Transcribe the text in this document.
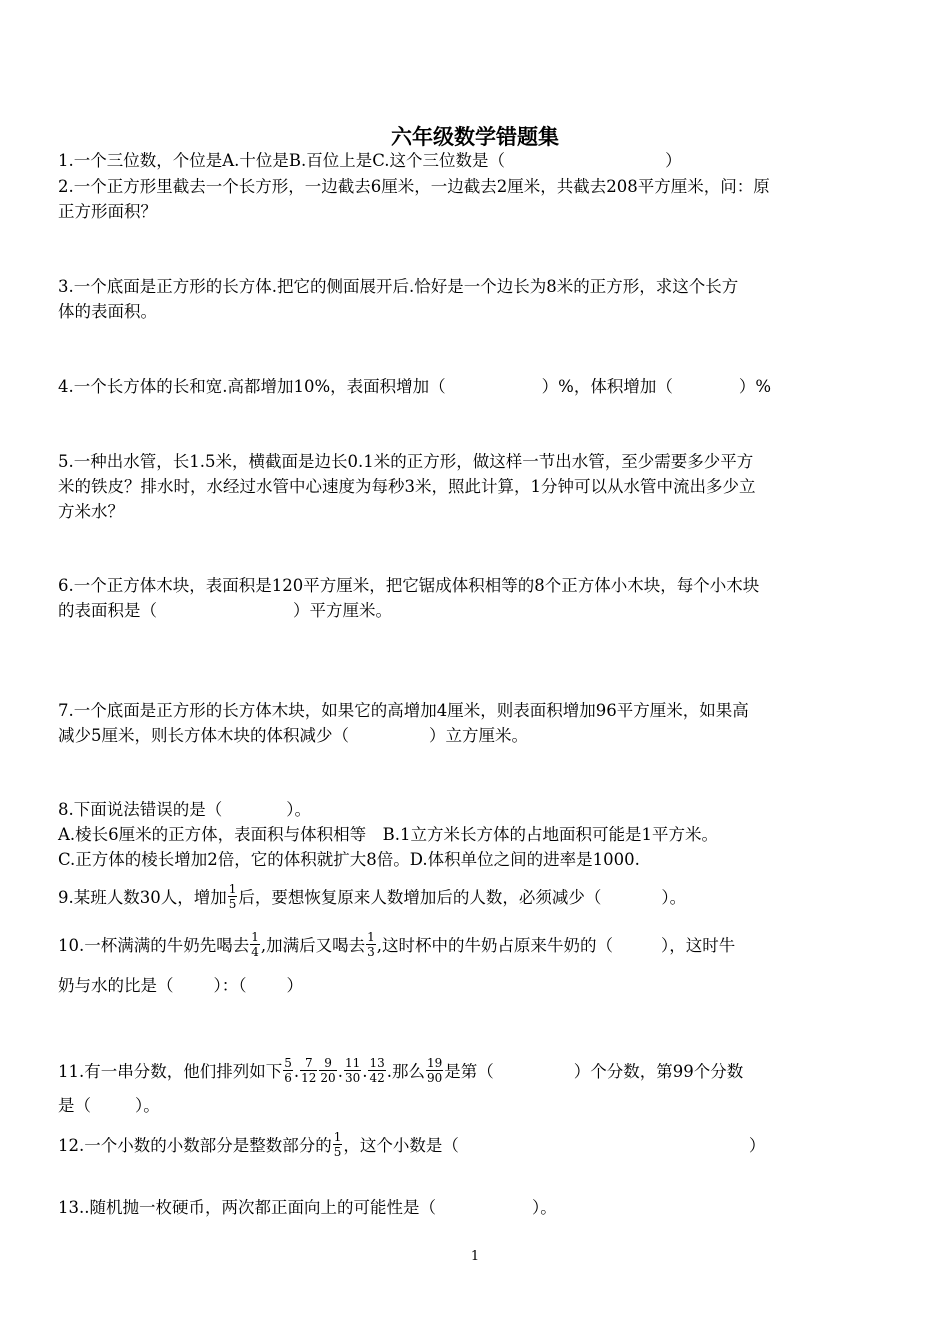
六年级数学错题集
1.一个三位数，个位是A.十位是B.百位上是C.这个三位数是（	）
2.一个正方形里截去一个长方形，一边截去6厘米，一边截去2厘米，共截去208平方厘米，问：原
正方形面积？
3.一个底面是正方形的长方体.把它的侧面展开后.恰好是一个边长为8米的正方形，求这个长方
体的表面积。
4.一个长方体的长和宽.高都增加10%，表面积增加（	）%，体积增加（	）%
5.一种出水管，长1.5米，横截面是边长0.1米的正方形，做这样一节出水管，至少需要多少平方
米的铁皮？排水时，水经过水管中心速度为每秒3米，照此计算，1分钟可以从水管中流出多少立
方米水？
6.一个正方体木块，表面积是120平方厘米，把它锯成体积相等的8个正方体小木块，每个小木块
的表面积是（	）平方厘米。
7.一个底面是正方形的长方体木块，如果它的高增加4厘米，则表面积增加96平方厘米，如果高
减少5厘米，则长方体木块的体积减少（	）立方厘米。
8.下面说法错误的是（	）。
A.棱长6厘米的正方体，表面积与体积相等　B.1立方米长方体的占地面积可能是1平方米。
C.正方体的棱长增加2倍，它的体积就扩大8倍。D.体积单位之间的进率是1000.
9.某班人数30人，增加 $\frac{1}{5}$ 后，要想恢复原来人数增加后的人数，必须减少（	）。
10.一杯满满的牛奶先喝去 $\frac{1}{4}$ ,加满后又喝去 $\frac{1}{3}$ ,这时杯中的牛奶占原来牛奶的（	），这时牛
奶与水的比是（ ）：（ ）
11.有一串分数，他们排列如下 $\frac{5}{6}$ . $\frac{7}{12} \frac{9}{20}$ . $\frac{11}{30}$ . $\frac{13}{42}$ .那么 $\frac{19}{90}$ 是第（	）个分数，第99个分数
是（	）。
12.一个小数的小数部分是整数部分的 $\frac{1}{5}$ ，这个小数是（	）
13..随机抛一枚硬币，两次都正面向上的可能性是（	）。
1
